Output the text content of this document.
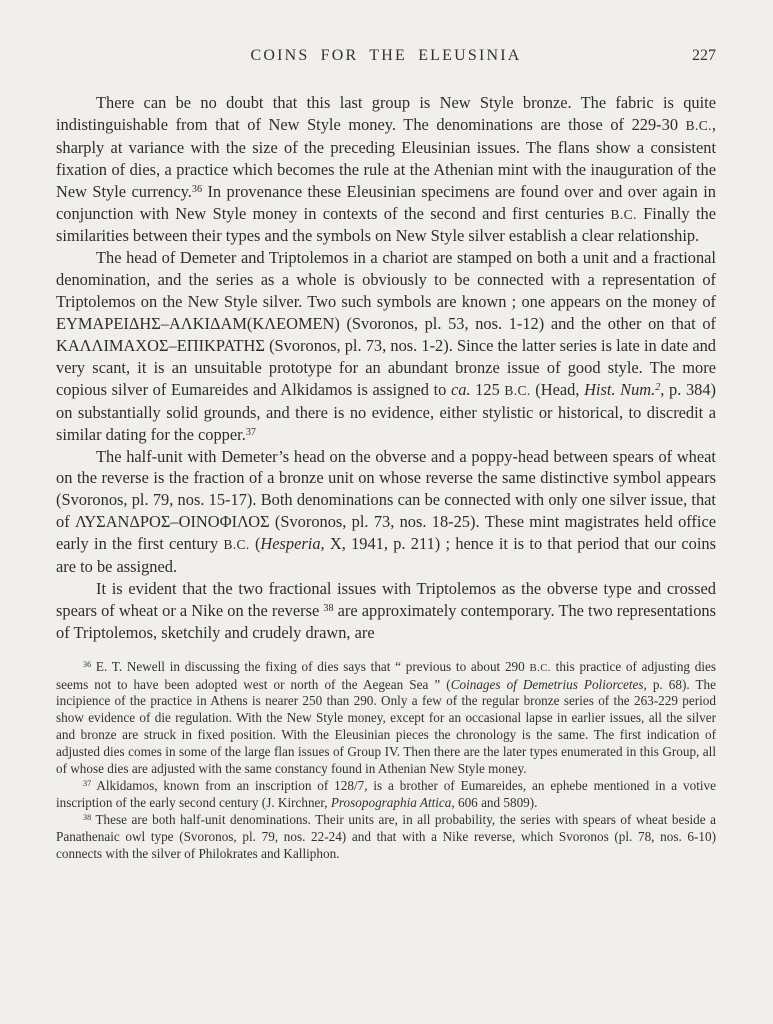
COINS FOR THE ELEUSINIA	227

There can be no doubt that this last group is New Style bronze. The fabric is quite indistinguishable from that of New Style money. The denominations are those of 229-30 B.C., sharply at variance with the size of the preceding Eleusinian issues. The flans show a consistent fixation of dies, a practice which becomes the rule at the Athenian mint with the inauguration of the New Style currency.$^{36}$ In provenance these Eleusinian specimens are found over and over again in conjunction with New Style money in contexts of the second and first centuries B.C. Finally the similarities between their types and the symbols on New Style silver establish a clear relationship.

The head of Demeter and Triptolemos in a chariot are stamped on both a unit and a fractional denomination, and the series as a whole is obviously to be connected with a representation of Triptolemos on the New Style silver. Two such symbols are known ; one appears on the money of ΕΥΜΑΡΕΙΔΗΣ–ΑΛΚΙΔΑΜ(ΚΛΕΟΜΕΝ) (Svoronos, pl. 53, nos. 1-12) and the other on that of ΚΑΛΛΙΜΑΧΟΣ–ΕΠΙΚΡΑΤΗΣ (Svoronos, pl. 73, nos. 1-2). Since the latter series is late in date and very scant, it is an unsuitable prototype for an abundant bronze issue of good style. The more copious silver of Eumareides and Alkidamos is assigned to ca. 125 B.C. (Head, Hist. Num.$^2$, p. 384) on substantially solid grounds, and there is no evidence, either stylistic or historical, to discredit a similar dating for the copper.$^{37}$

The half-unit with Demeter’s head on the obverse and a poppy-head between spears of wheat on the reverse is the fraction of a bronze unit on whose reverse the same distinctive symbol appears (Svoronos, pl. 79, nos. 15-17). Both denominations can be connected with only one silver issue, that of ΛΥΣΑΝΔΡΟΣ–ΟΙΝΟΦΙΛΟΣ (Svoronos, pl. 73, nos. 18-25). These mint magistrates held office early in the first century B.C. (Hesperia, X, 1941, p. 211) ; hence it is to that period that our coins are to be assigned.

It is evident that the two fractional issues with Triptolemos as the obverse type and crossed spears of wheat or a Nike on the reverse $^{38}$ are approximately contemporary. The two representations of Triptolemos, sketchily and crudely drawn, are

$^{36}$ E. T. Newell in discussing the fixing of dies says that “ previous to about 290 B.C. this practice of adjusting dies seems not to have been adopted west or north of the Aegean Sea ” (Coinages of Demetrius Poliorcetes, p. 68). The incipience of the practice in Athens is nearer 250 than 290. Only a few of the regular bronze series of the 263-229 period show evidence of die regulation. With the New Style money, except for an occasional lapse in earlier issues, all the silver and bronze are struck in fixed position. With the Eleusinian pieces the chronology is the same. The first indication of adjusted dies comes in some of the large flan issues of Group IV. Then there are the later types enumerated in this Group, all of whose dies are adjusted with the same constancy found in Athenian New Style money.

$^{37}$ Alkidamos, known from an inscription of 128/7, is a brother of Eumareides, an ephebe mentioned in a votive inscription of the early second century (J. Kirchner, Prosopographia Attica, 606 and 5809).

$^{38}$ These are both half-unit denominations. Their units are, in all probability, the series with spears of wheat beside a Panathenaic owl type (Svoronos, pl. 79, nos. 22-24) and that with a Nike reverse, which Svoronos (pl. 78, nos. 6-10) connects with the silver of Philokrates and Kalliphon.
